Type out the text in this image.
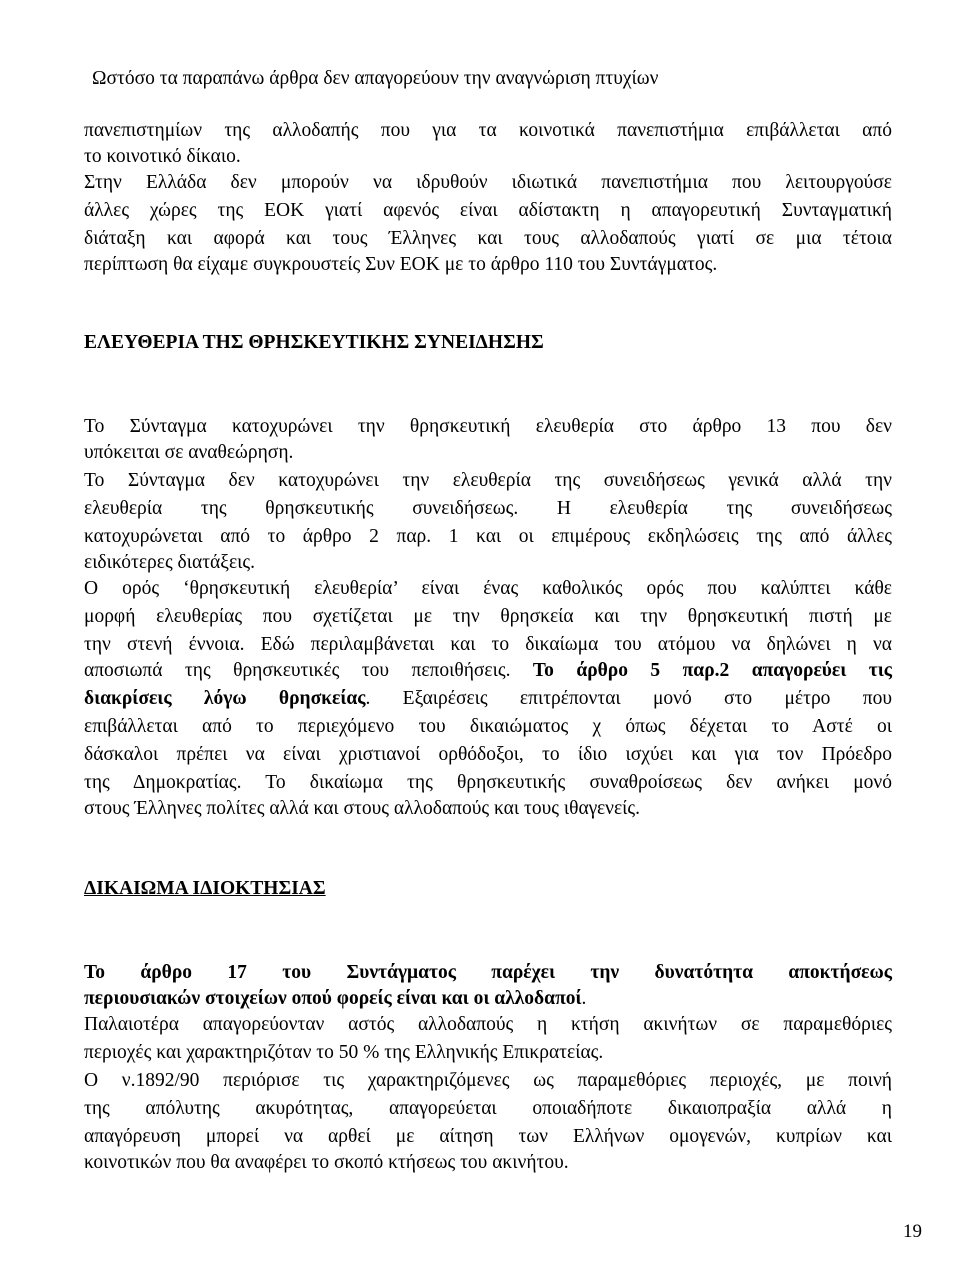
Ωστόσο τα παραπάνω άρθρα δεν απαγορεύουν την αναγνώριση πτυχίων
πανεπιστημίων της αλλοδαπής που για τα κοινοτικά πανεπιστήμια επιβάλλεται από
το κοινοτικό δίκαιο.
Στην Ελλάδα δεν μπορούν να ιδρυθούν ιδιωτικά πανεπιστήμια που λειτουργούσε
άλλες χώρες της ΕΟΚ γιατί αφενός είναι αδίστακτη η απαγορευτική Συνταγματική
διάταξη και αφορά και τους Έλληνες και τους αλλοδαπούς γιατί σε μια τέτοια
περίπτωση θα είχαμε συγκρουστείς Συν ΕΟΚ με το άρθρο 110 του Συντάγματος.
ΕΛΕΥΘΕΡΙΑ ΤΗΣ ΘΡΗΣΚΕΥΤΙΚΗΣ ΣΥΝΕΙΔΗΣΗΣ
Το Σύνταγμα κατοχυρώνει την θρησκευτική ελευθερία στο άρθρο 13 που δεν
υπόκειται σε αναθεώρηση.
Το Σύνταγμα δεν κατοχυρώνει την ελευθερία της συνειδήσεως γενικά αλλά την
ελευθερία της θρησκευτικής συνειδήσεως. Η ελευθερία της συνειδήσεως
κατοχυρώνεται από το άρθρο 2 παρ. 1 και οι επιμέρους εκδηλώσεις της από άλλες
ειδικότερες διατάξεις.
Ο ορός ‘θρησκευτική ελευθερία’ είναι ένας καθολικός ορός που καλύπτει κάθε
μορφή ελευθερίας που σχετίζεται με την θρησκεία και την θρησκευτική πιστή με
την στενή έννοια. Εδώ περιλαμβάνεται και το δικαίωμα του ατόμου να δηλώνει η να
αποσιωπά της θρησκευτικές του πεποιθήσεις. Το άρθρο 5 παρ.2 απαγορεύει τις
διακρίσεις λόγω θρησκείας. Εξαιρέσεις επιτρέπονται μονό στο μέτρο που
επιβάλλεται από το περιεχόμενο του δικαιώματος χ όπως δέχεται το Αστέ οι
δάσκαλοι πρέπει να είναι χριστιανοί ορθόδοξοι, το ίδιο ισχύει και για τον Πρόεδρο
της Δημοκρατίας. Το δικαίωμα της θρησκευτικής συναθροίσεως δεν ανήκει μονό
στους Έλληνες πολίτες αλλά και στους αλλοδαπούς και τους ιθαγενείς.
ΔΙΚΑΙΩΜΑ ΙΔΙΟΚΤΗΣΙΑΣ
Το άρθρο 17 του Συντάγματος παρέχει την δυνατότητα αποκτήσεως
περιουσιακών στοιχείων οπού φορείς είναι και οι αλλοδαποί.
Παλαιοτέρα απαγορεύονταν αστός αλλοδαπούς η κτήση ακινήτων σε παραμεθόριες
περιοχές και χαρακτηριζόταν το 50 % της Ελληνικής Επικρατείας.
Ο ν.1892/90 περιόρισε τις χαρακτηριζόμενες ως παραμεθόριες περιοχές, με ποινή
της απόλυτης ακυρότητας, απαγορεύεται οποιαδήποτε δικαιοπραξία αλλά η
απαγόρευση μπορεί να αρθεί με αίτηση των Ελλήνων ομογενών, κυπρίων και
κοινοτικών που θα αναφέρει το σκοπό κτήσεως του ακινήτου.
19
